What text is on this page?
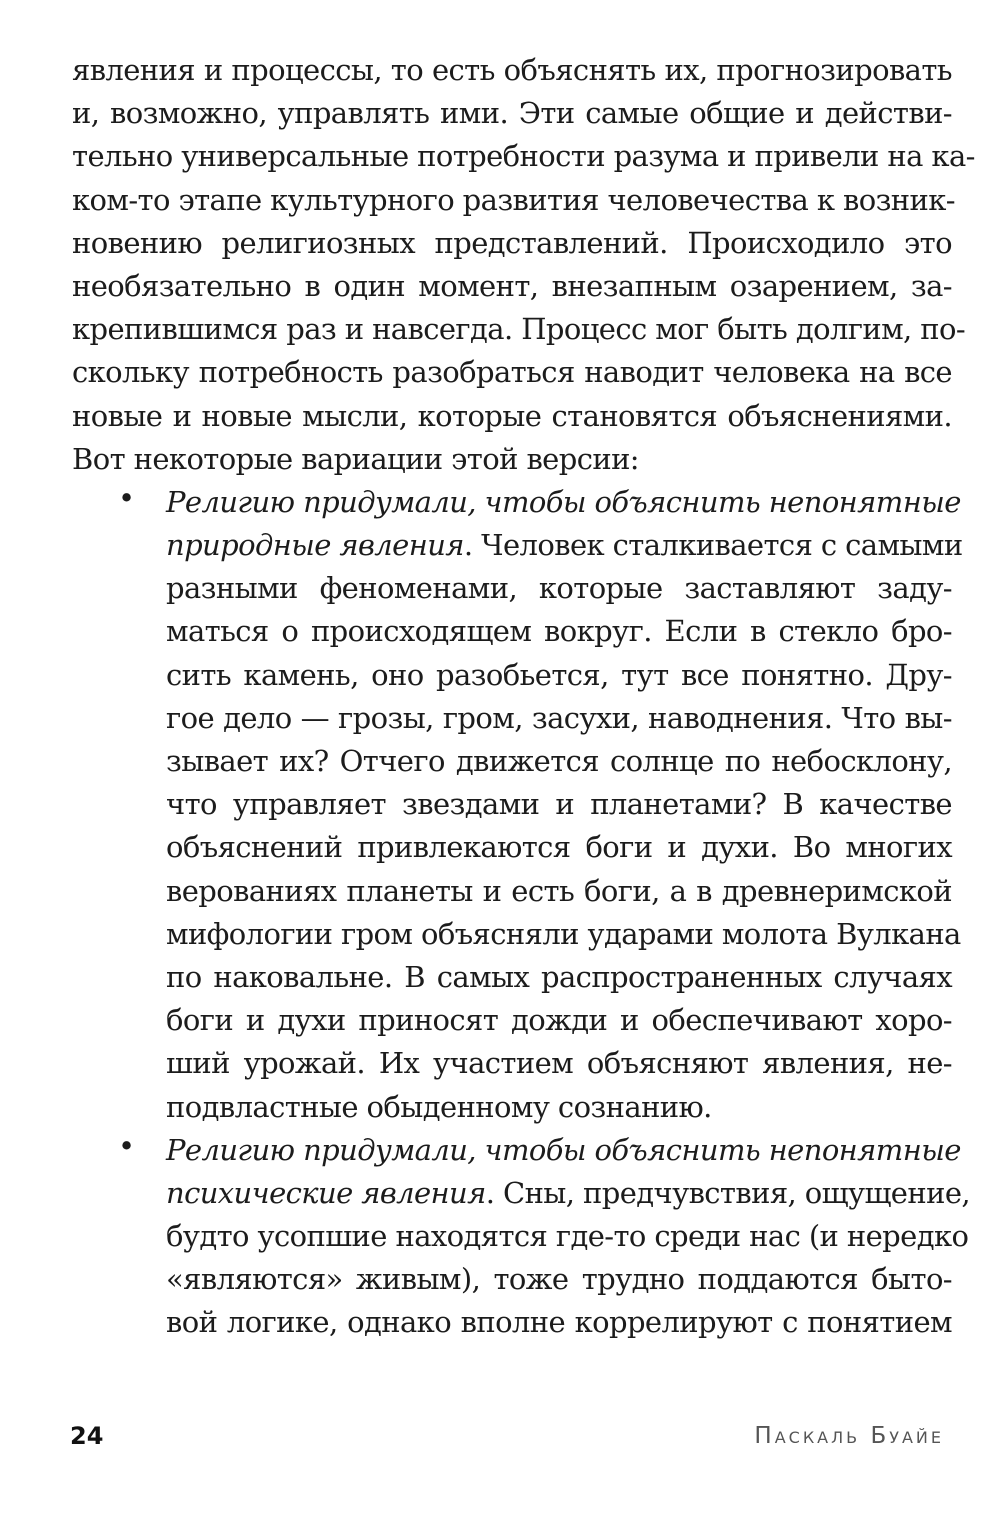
явления и процессы, то есть объяснять их, прогнозировать
и, возможно, управлять ими. Эти самые общие и действи-
тельно универсальные потребности разума и привели на ка-
ком-то этапе культурного развития человечества к возник-
новению религиозных представлений. Происходило это
необязательно в один момент, внезапным озарением, за-
крепившимся раз и навсегда. Процесс мог быть долгим, по-
скольку потребность разобраться наводит человека на все
новые и новые мысли, которые становятся объяснениями.
Вот некоторые вариации этой версии:
•	Религию придумали, чтобы объяснить непонятные
природные явления. Человек сталкивается с самыми
разными феноменами, которые заставляют заду-
маться о происходящем вокруг. Если в стекло бро-
сить камень, оно разобьется, тут все понятно. Дру-
гое дело — грозы, гром, засухи, наводнения. Что вы-
зывает их? Отчего движется солнце по небосклону,
что управляет звездами и планетами? В качестве
объяснений привлекаются боги и духи. Во многих
верованиях планеты и есть боги, а в древнеримской
мифологии гром объясняли ударами молота Вулкана
по наковальне. В самых распространенных случаях
боги и духи приносят дожди и обеспечивают хоро-
ший урожай. Их участием объясняют явления, не-
подвластные обыденному сознанию.
•	Религию придумали, чтобы объяснить непонятные
психические явления. Сны, предчувствия, ощущение,
будто усопшие находятся где-то среди нас (и нередко
«являются» живым), тоже трудно поддаются быто-
вой логике, однако вполне коррелируют с понятием
24	Паскаль Буайе
